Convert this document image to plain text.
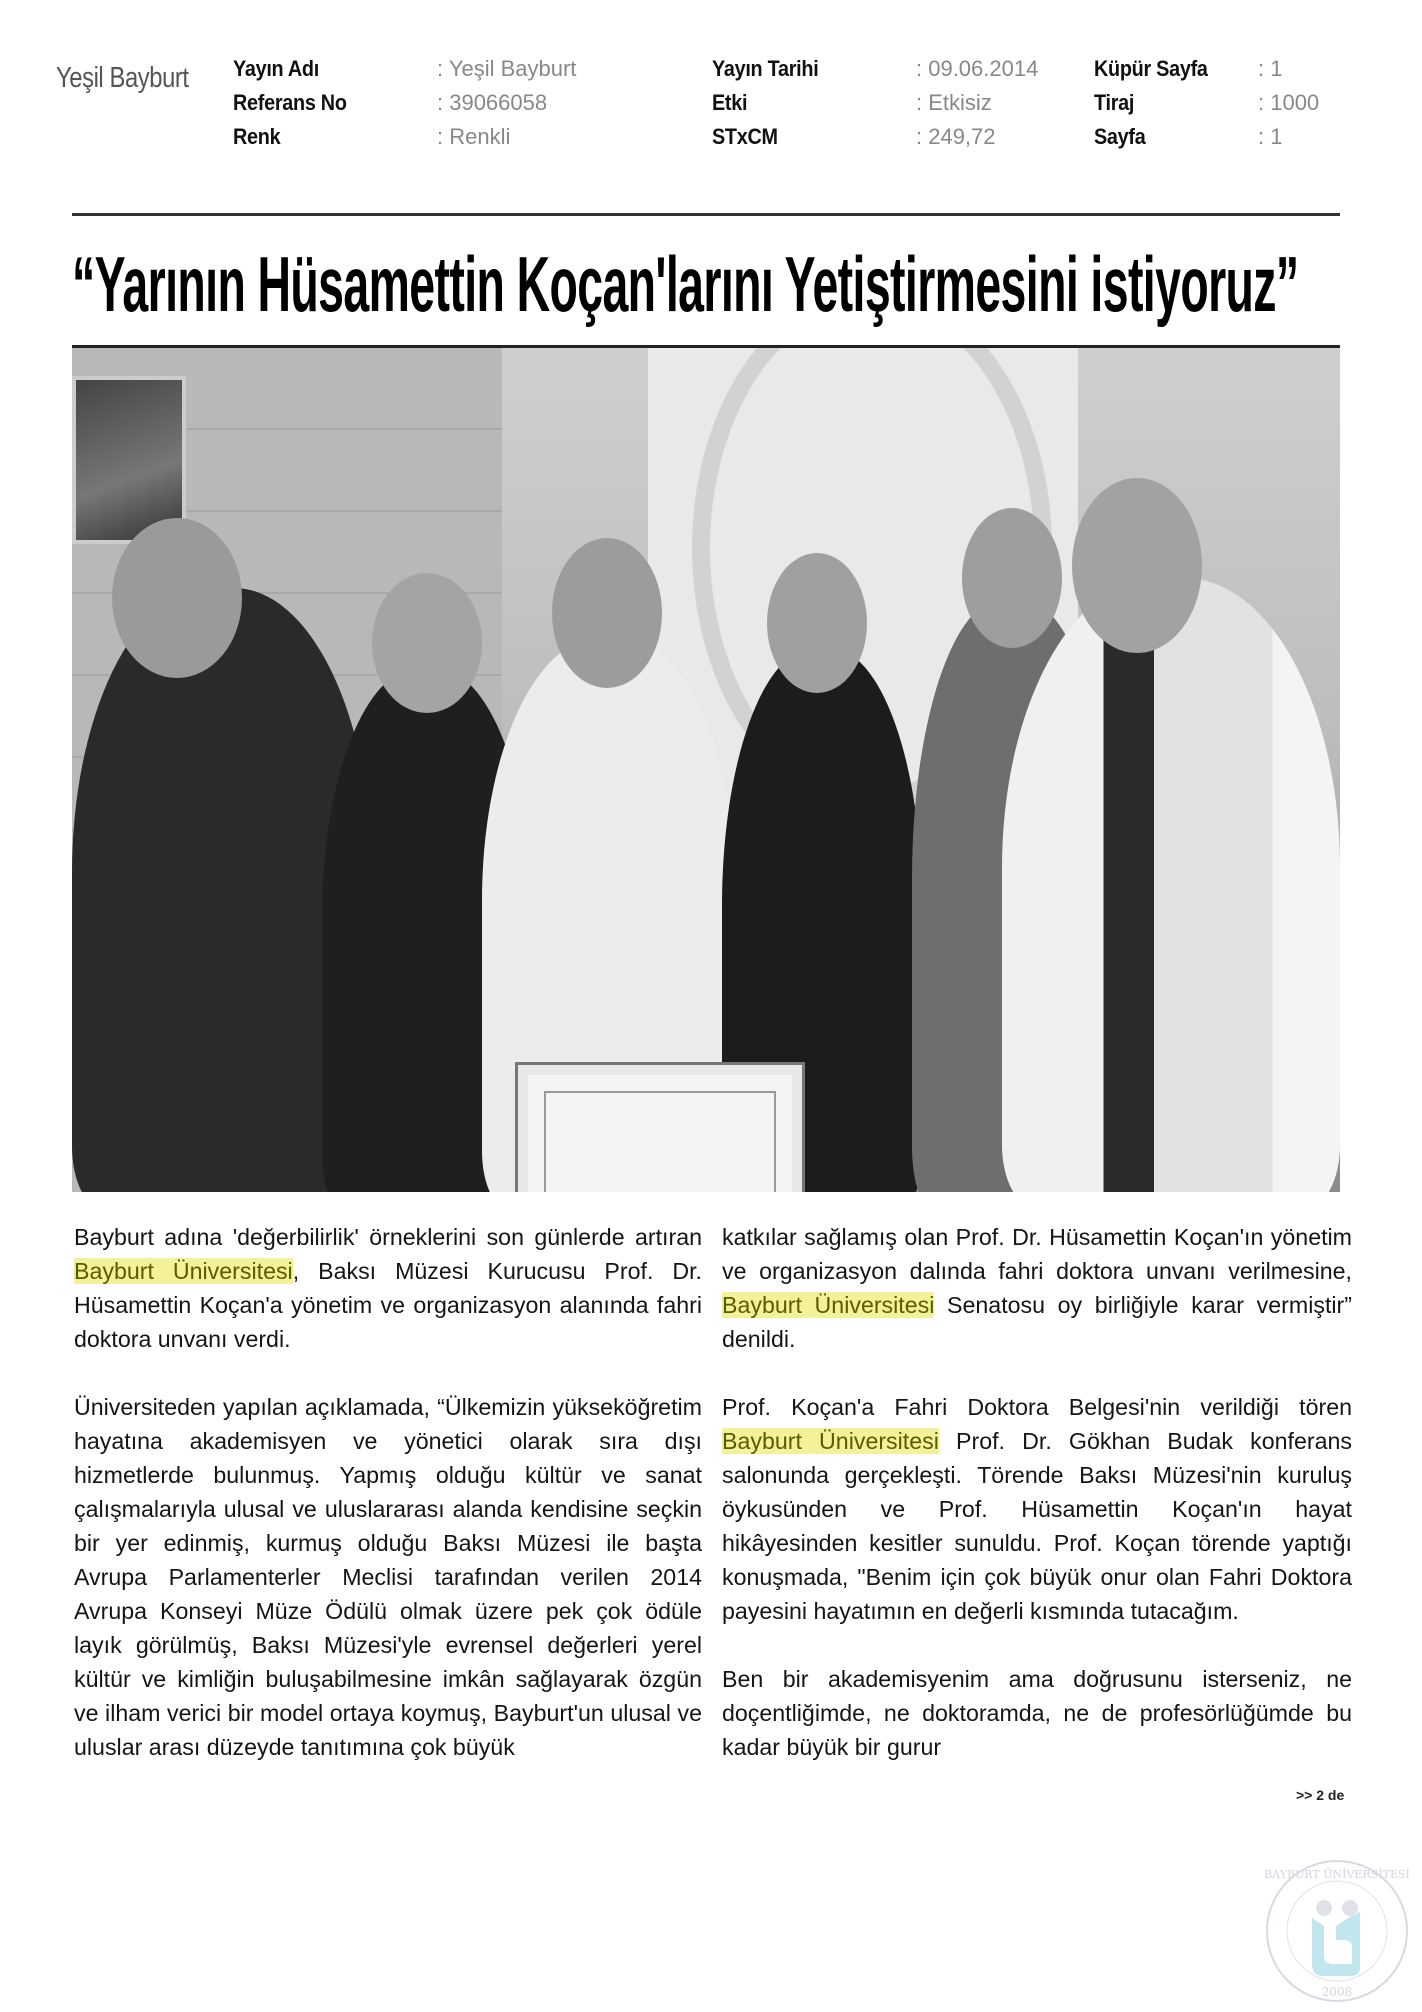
Yeşil Bayburt Yayın Adı
Referans No
Renk
: Yeşil Bayburt
: 39066058
: Renkli
Yayın Tarihi
Etki
STxCM
: 09.06.2014
: Etkisiz
: 249,72
Küpür Sayfa
Tiraj
Sayfa
: 1
: 1000
: 1
“Yarının Hüsamettin Koçan'larını Yetiştirmesini istiyoruz”

Bayburt adına 'değerbilirlik' örneklerini son günlerde artıran Bayburt Üniversitesi, Baksı Müzesi Kurucusu Prof. Dr. Hüsamettin Koçan'a yönetim ve organizasyon alanında fahri doktora unvanı verdi.

Üniversiteden yapılan açıklamada, “Ülkemizin yükseköğretim hayatına akademisyen ve yönetici olarak sıra dışı hizmetlerde bulunmuş. Yapmış olduğu kültür ve sanat çalışmalarıyla ulusal ve uluslararası alanda kendisine seçkin bir yer edinmiş, kurmuş olduğu Baksı Müzesi ile başta Avrupa Parlamenterler Meclisi tarafından verilen 2014 Avrupa Konseyi Müze Ödülü olmak üzere pek çok ödüle layık görülmüş, Baksı Müzesi'yle evrensel değerleri yerel kültür ve kimliğin buluşabilmesine imkân sağlayarak özgün ve ilham verici bir model ortaya koymuş, Bayburt'un ulusal ve uluslar arası düzeyde tanıtımına çok büyük

katkılar sağlamış olan Prof. Dr. Hüsamettin Koçan'ın yönetim ve organizasyon dalında fahri doktora unvanı verilmesine, Bayburt Üniversitesi Senatosu oy birliğiyle karar vermiştir” denildi.

Prof. Koçan'a Fahri Doktora Belgesi'nin verildiği tören Bayburt Üniversitesi Prof. Dr. Gökhan Budak konferans salonunda gerçekleşti. Törende Baksı Müzesi'nin kuruluş öykusünden ve Prof. Hüsamettin Koçan'ın hayat hikâyesinden kesitler sunuldu. Prof. Koçan törende yaptığı konuşmada, "Benim için çok büyük onur olan Fahri Doktora payesini hayatımın en değerli kısmında tutacağım.

Ben bir akademisyenim ama doğrusunu isterseniz, ne doçentliğimde, ne doktoramda, ne de profesörlüğümde bu kadar büyük bir gurur

>> 2 de
BAYBURT ÜNİVERSİTESİ
2008
